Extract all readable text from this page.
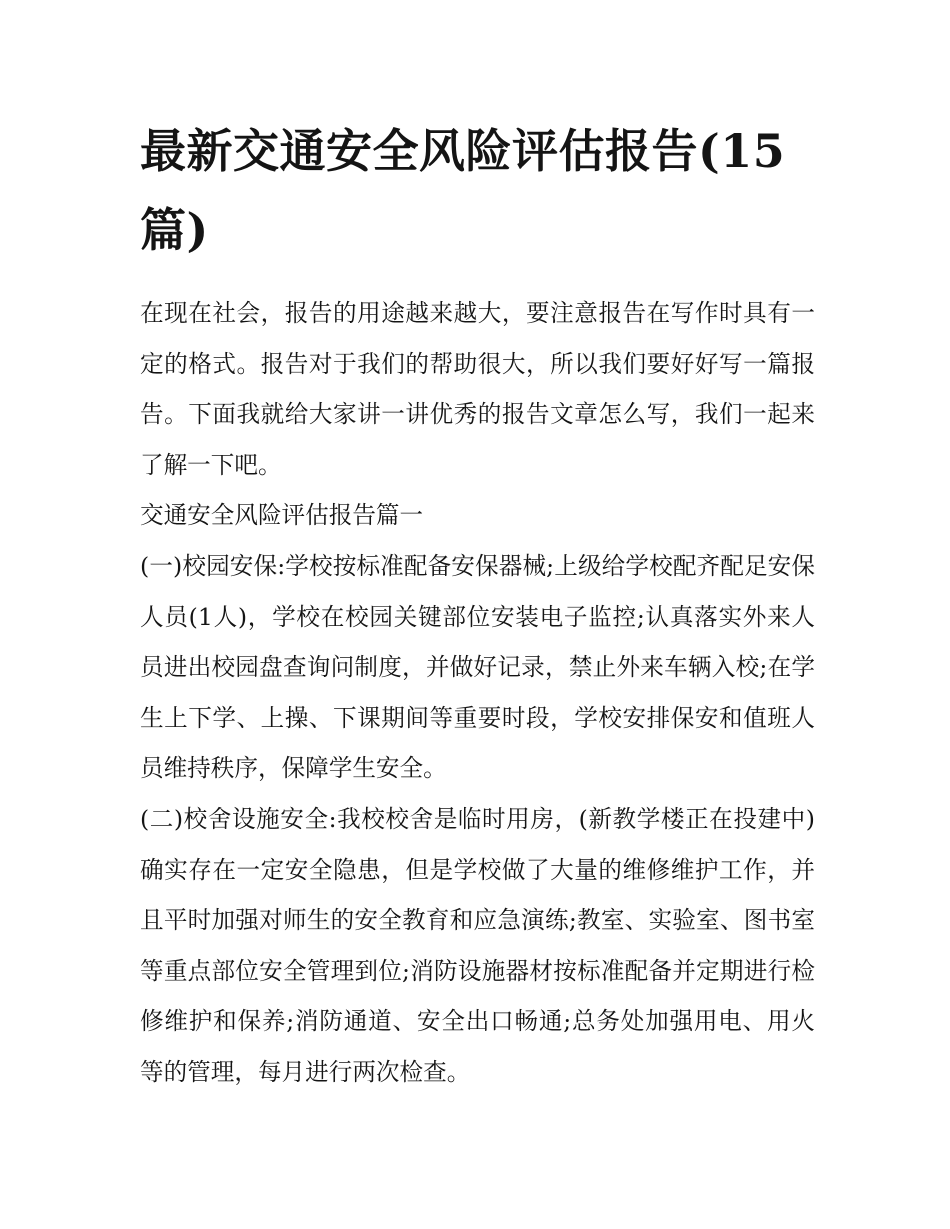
最新交通安全风险评估报告(15篇)

在现在社会，报告的用途越来越大，要注意报告在写作时具有一定的格式。报告对于我们的帮助很大，所以我们要好好写一篇报告。下面我就给大家讲一讲优秀的报告文章怎么写，我们一起来了解一下吧。

交通安全风险评估报告篇一

(一)校园安保:学校按标准配备安保器械;上级给学校配齐配足安保人员(1人)，学校在校园关键部位安装电子监控;认真落实外来人员进出校园盘查询问制度，并做好记录，禁止外来车辆入校;在学生上下学、上操、下课期间等重要时段，学校安排保安和值班人员维持秩序，保障学生安全。

(二)校舍设施安全:我校校舍是临时用房，(新教学楼正在投建中)确实存在一定安全隐患，但是学校做了大量的维修维护工作，并且平时加强对师生的安全教育和应急演练;教室、实验室、图书室等重点部位安全管理到位;消防设施器材按标准配备并定期进行检修维护和保养;消防通道、安全出口畅通;总务处加强用电、用火等的管理，每月进行两次检查。
